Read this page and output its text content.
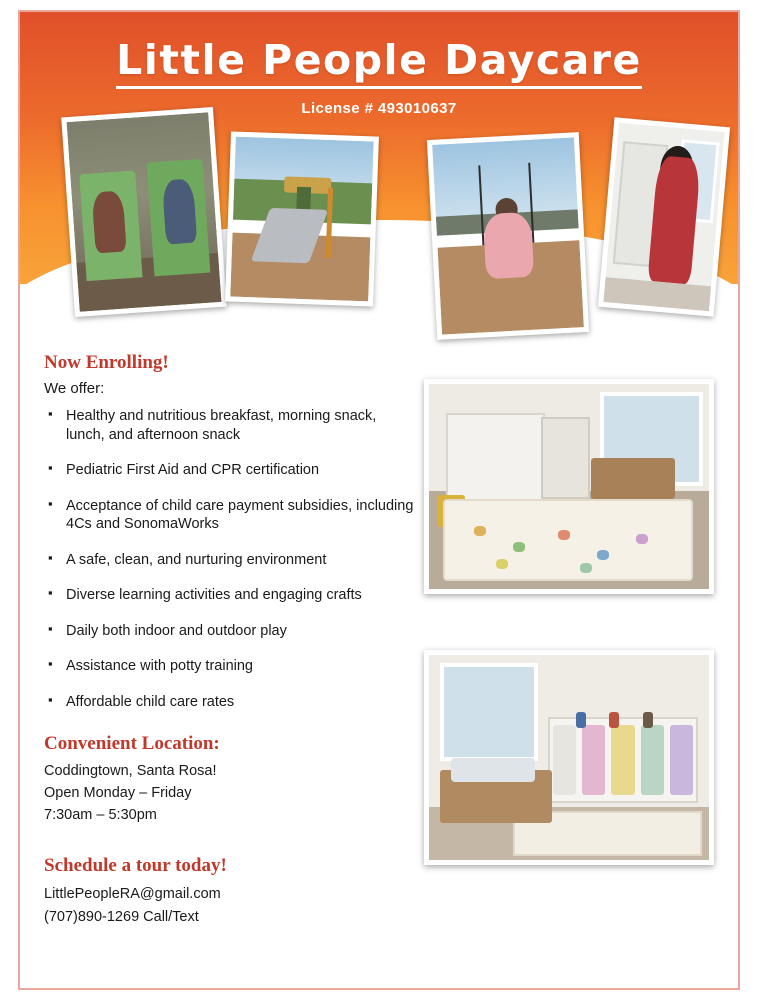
Little People Daycare
License # 493010637
Now Enrolling!

We offer:

▪ Healthy and nutritious breakfast, morning snack, lunch, and afternoon snack
▪ Pediatric First Aid and CPR certification
▪ Acceptance of child care payment subsidies, including 4Cs and SonomaWorks
▪ A safe, clean, and nurturing environment
▪ Diverse learning activities and engaging crafts
▪ Daily both indoor and outdoor play
▪ Assistance with potty training
▪ Affordable child care rates
Convenient Location:
Coddingtown, Santa Rosa!
Open Monday – Friday
7:30am – 5:30pm
Schedule a tour today!
LittlePeopleRA@gmail.com
(707)890-1269 Call/Text
